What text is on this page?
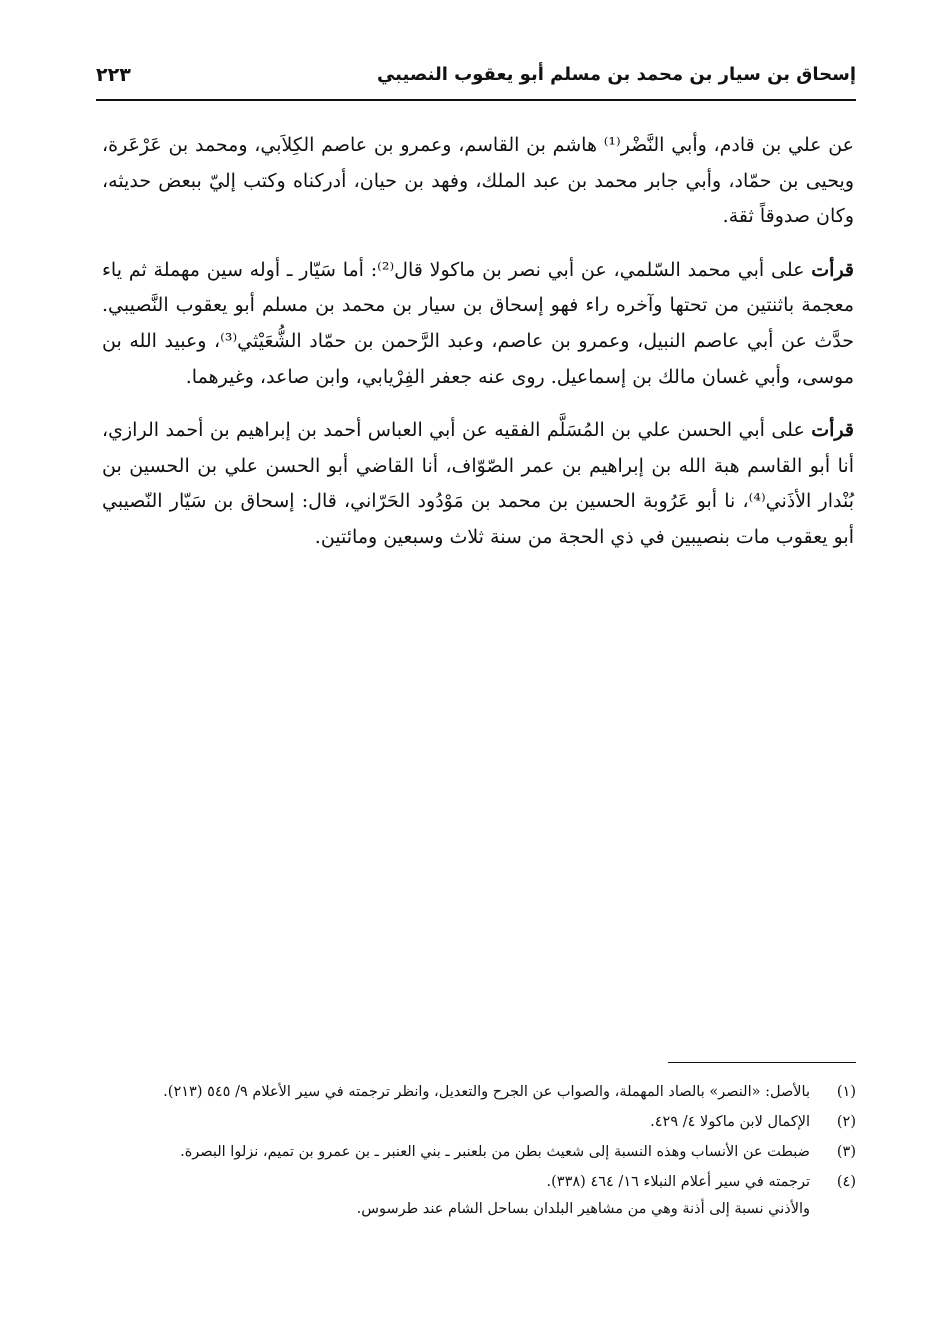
إسحاق بن سيار بن محمد بن مسلم أبو يعقوب النصيبي
٢٢٣

عن علي بن قادم، وأبي النَّضْر⁽¹⁾ هاشم بن القاسم، وعمرو بن عاصم الكِلاَبي، ومحمد بن عَرْعَرة، ويحيى بن حمّاد، وأبي جابر محمد بن عبد الملك، وفهد بن حيان، أدركناه وكتب إليّ ببعض حديثه، وكان صدوقاً ثقة.

قرأت على أبي محمد السّلمي، عن أبي نصر بن ماكولا قال⁽²⁾: أما سَيّار ـ أوله سين مهملة ثم ياء معجمة باثنتين من تحتها وآخره راء فهو إسحاق بن سيار بن محمد بن مسلم أبو يعقوب النَّصيبي. حدَّث عن أبي عاصم النبيل، وعمرو بن عاصم، وعبد الرَّحمن بن حمّاد الشُّعَيْثي⁽³⁾، وعبيد الله بن موسى، وأبي غسان مالك بن إسماعيل. روى عنه جعفر الفِرْيابي، وابن صاعد، وغيرهما.

قرأت على أبي الحسن علي بن المُسَلَّم الفقيه عن أبي العباس أحمد بن إبراهيم بن أحمد الرازي، أنا أبو القاسم هبة الله بن إبراهيم بن عمر الصّوّاف، أنا القاضي أبو الحسن علي بن الحسين بن بُنْدار الأذَني⁽⁴⁾، نا أبو عَرُوبة الحسين بن محمد بن مَوْدُود الحَرّاني، قال: إسحاق بن سَيّار النّصيبي أبو يعقوب مات بنصيبين في ذي الحجة من سنة ثلاث وسبعين ومائتين.

(١)
بالأصل: «النصر» بالصاد المهملة، والصواب عن الجرح والتعديل، وانظر ترجمته في سير الأعلام ٩/ ٥٤٥ (٢١٣).
(٢)
الإكمال لابن ماكولا ٤/ ٤٢٩.
(٣)
ضبطت عن الأنساب وهذه النسبة إلى شعيث بطن من بلعنبر ـ بني العنبر ـ بن عمرو بن تميم، نزلوا البصرة.
(٤)
ترجمته في سير أعلام النبلاء ١٦/ ٤٦٤ (٣٣٨).

والأذني نسبة إلى أذنة وهي من مشاهير البلدان بساحل الشام عند طرسوس.
